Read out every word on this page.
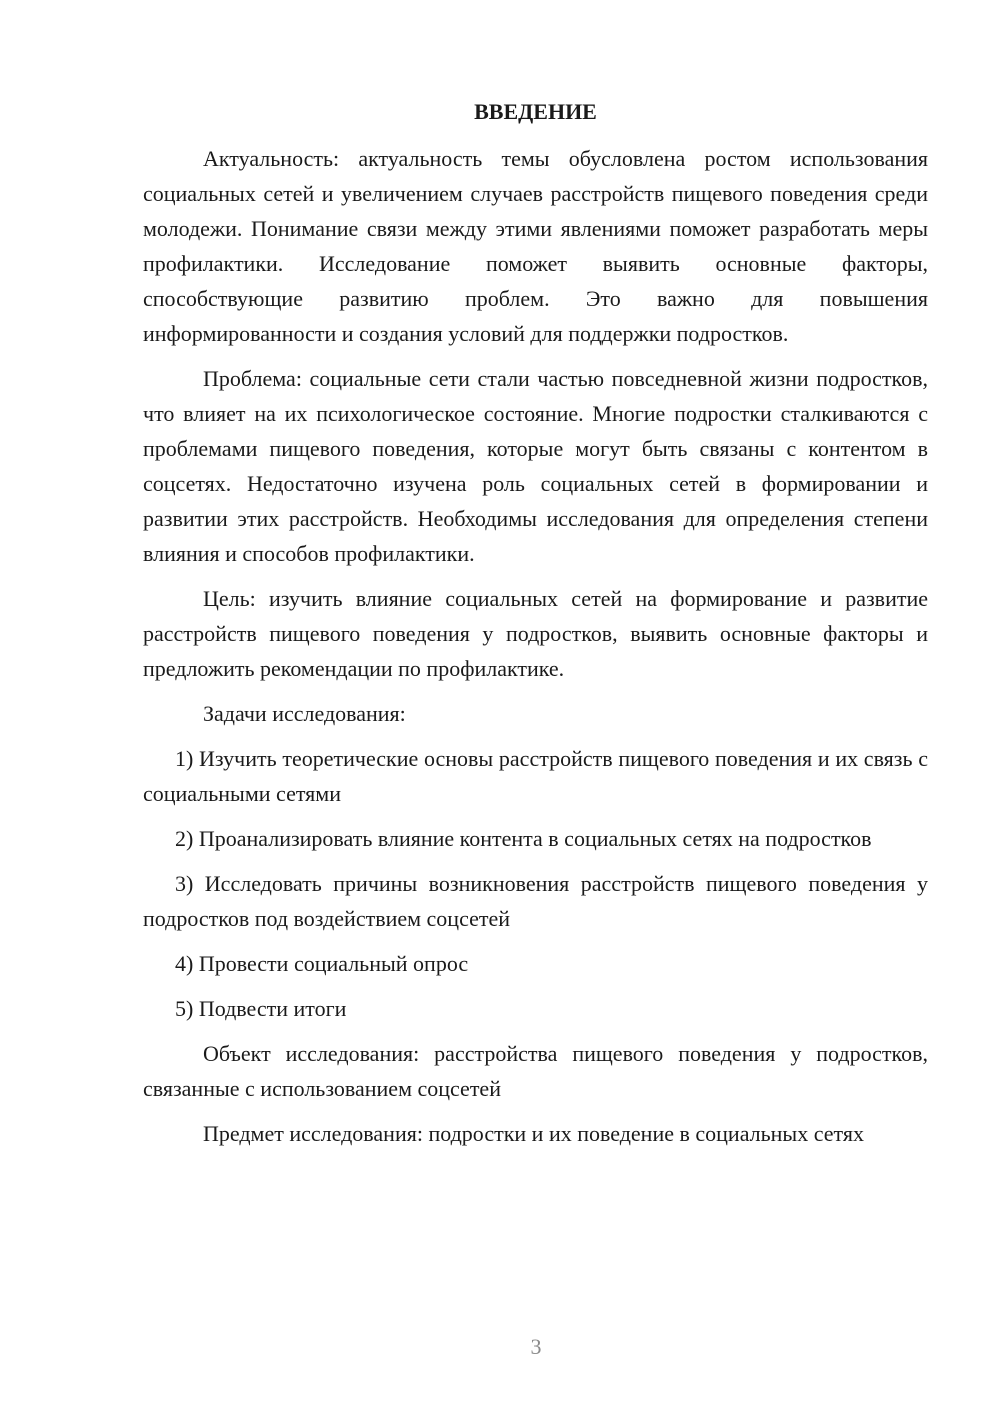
ВВЕДЕНИЕ

Актуальность: актуальность темы обусловлена ростом использования социальных сетей и увеличением случаев расстройств пищевого поведения среди молодежи. Понимание связи между этими явлениями поможет разработать меры профилактики. Исследование поможет выявить основные факторы, способствующие развитию проблем. Это важно для повышения информированности и создания условий для поддержки подростков.

Проблема: социальные сети стали частью повседневной жизни подростков, что влияет на их психологическое состояние. Многие подростки сталкиваются с проблемами пищевого поведения, которые могут быть связаны с контентом в соцсетях. Недостаточно изучена роль социальных сетей в формировании и развитии этих расстройств. Необходимы исследования для определения степени влияния и способов профилактики.

Цель: изучить влияние социальных сетей на формирование и развитие расстройств пищевого поведения у подростков, выявить основные факторы и предложить рекомендации по профилактике.

Задачи исследования:

1) Изучить теоретические основы расстройств пищевого поведения и их связь с социальными сетями

2) Проанализировать влияние контента в социальных сетях на подростков

3) Исследовать причины возникновения расстройств пищевого поведения у подростков под воздействием соцсетей

4) Провести социальный опрос

5) Подвести итоги

Объект исследования: расстройства пищевого поведения у подростков, связанные с использованием соцсетей

Предмет исследования: подростки и их поведение в социальных сетях

3
